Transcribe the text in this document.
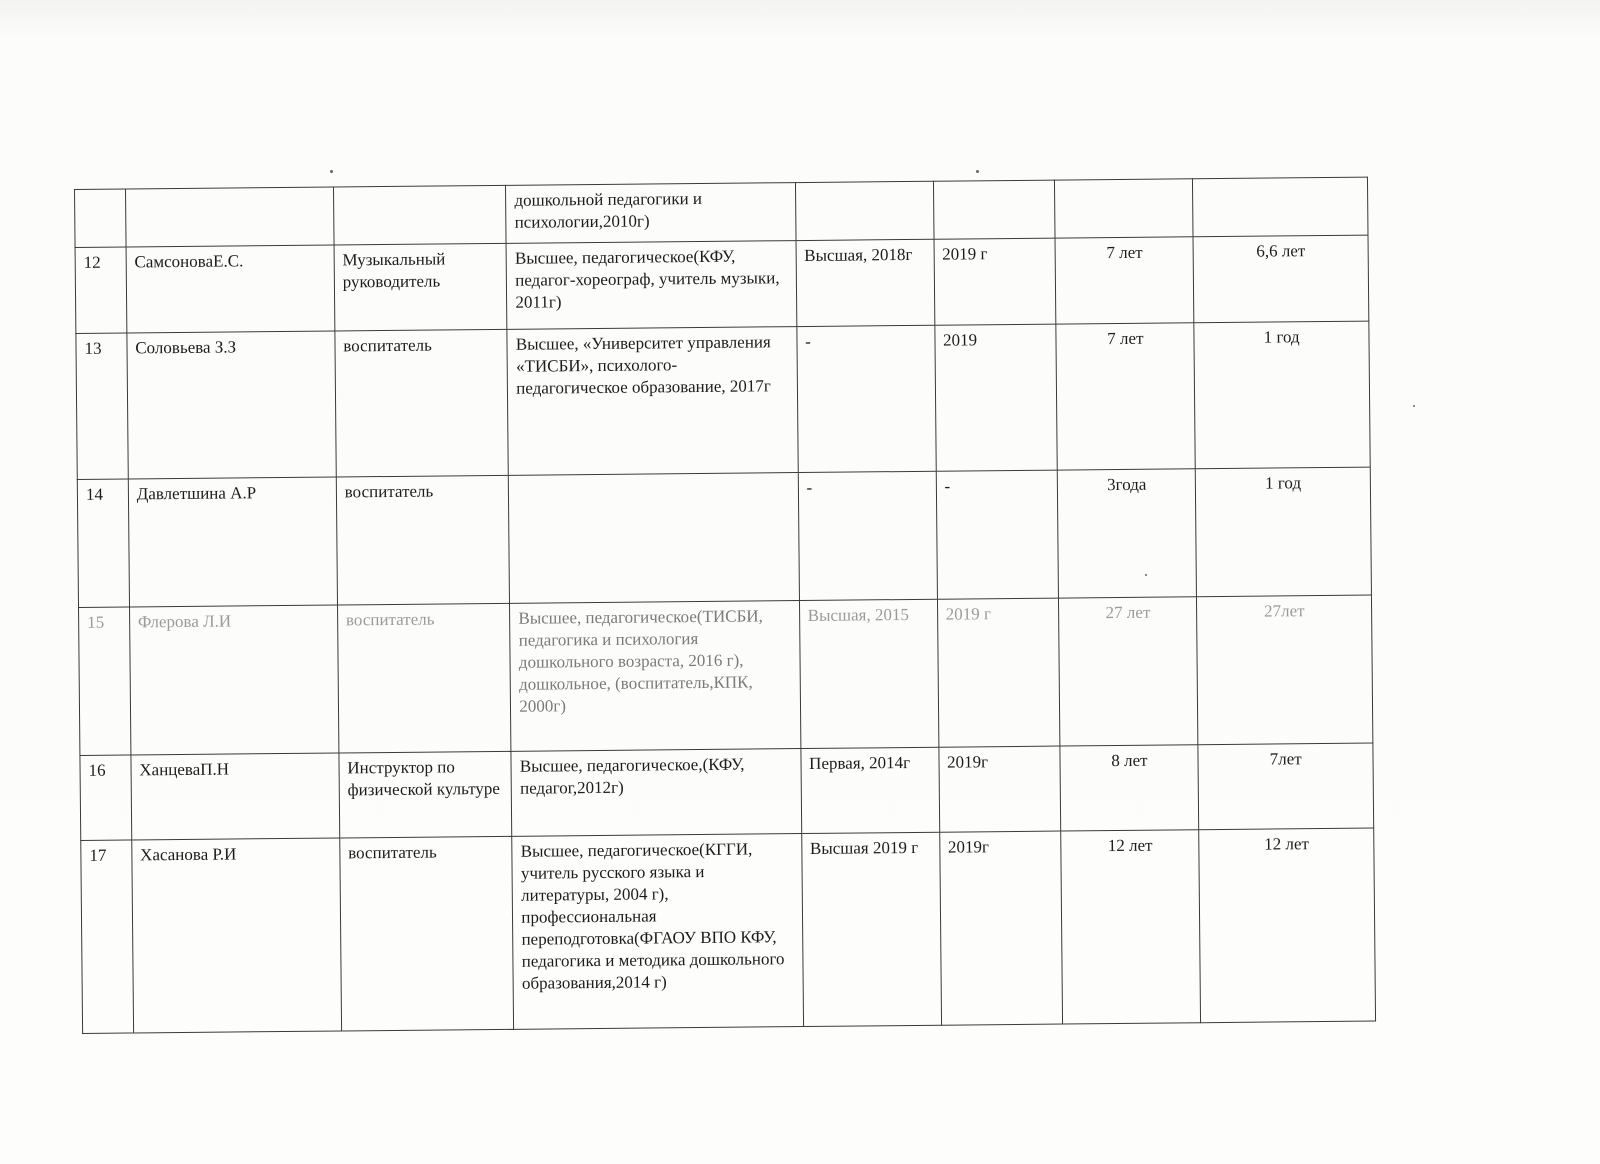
			дошкольной педагогики и психологии,2010г)				
12	СамсоноваЕ.С.	Музыкальный руководитель	Высшее, педагогическое(КФУ, педагог-хореограф, учитель музыки, 2011г)	Высшая, 2018г	2019 г	7 лет	6,6 лет
13	Соловьева З.З	воспитатель	Высшее, «Университет управления «ТИСБИ», психолого-педагогическое образование, 2017г	-	2019	7 лет	1 год
14	Давлетшина А.Р	воспитатель		-	-	3года	1 год
15	Флерова Л.И	воспитатель	Высшее, педагогическое(ТИСБИ, педагогика и психология дошкольного возраста, 2016 г), дошкольное, (воспитатель,КПК, 2000г)	Высшая, 2015	2019 г	27 лет	27лет
16	ХанцеваП.Н	Инструктор по физической культуре	Высшее, педагогическое,(КФУ, педагог,2012г)	Первая, 2014г	2019г	8 лет	7лет
17	Хасанова Р.И	воспитатель	Высшее, педагогическое(КГГИ, учитель русского языка и литературы, 2004 г), профессиональная переподготовка(ФГАОУ ВПО КФУ, педагогика и методика дошкольного образования,2014 г)	Высшая 2019 г	2019г	12 лет	12 лет
